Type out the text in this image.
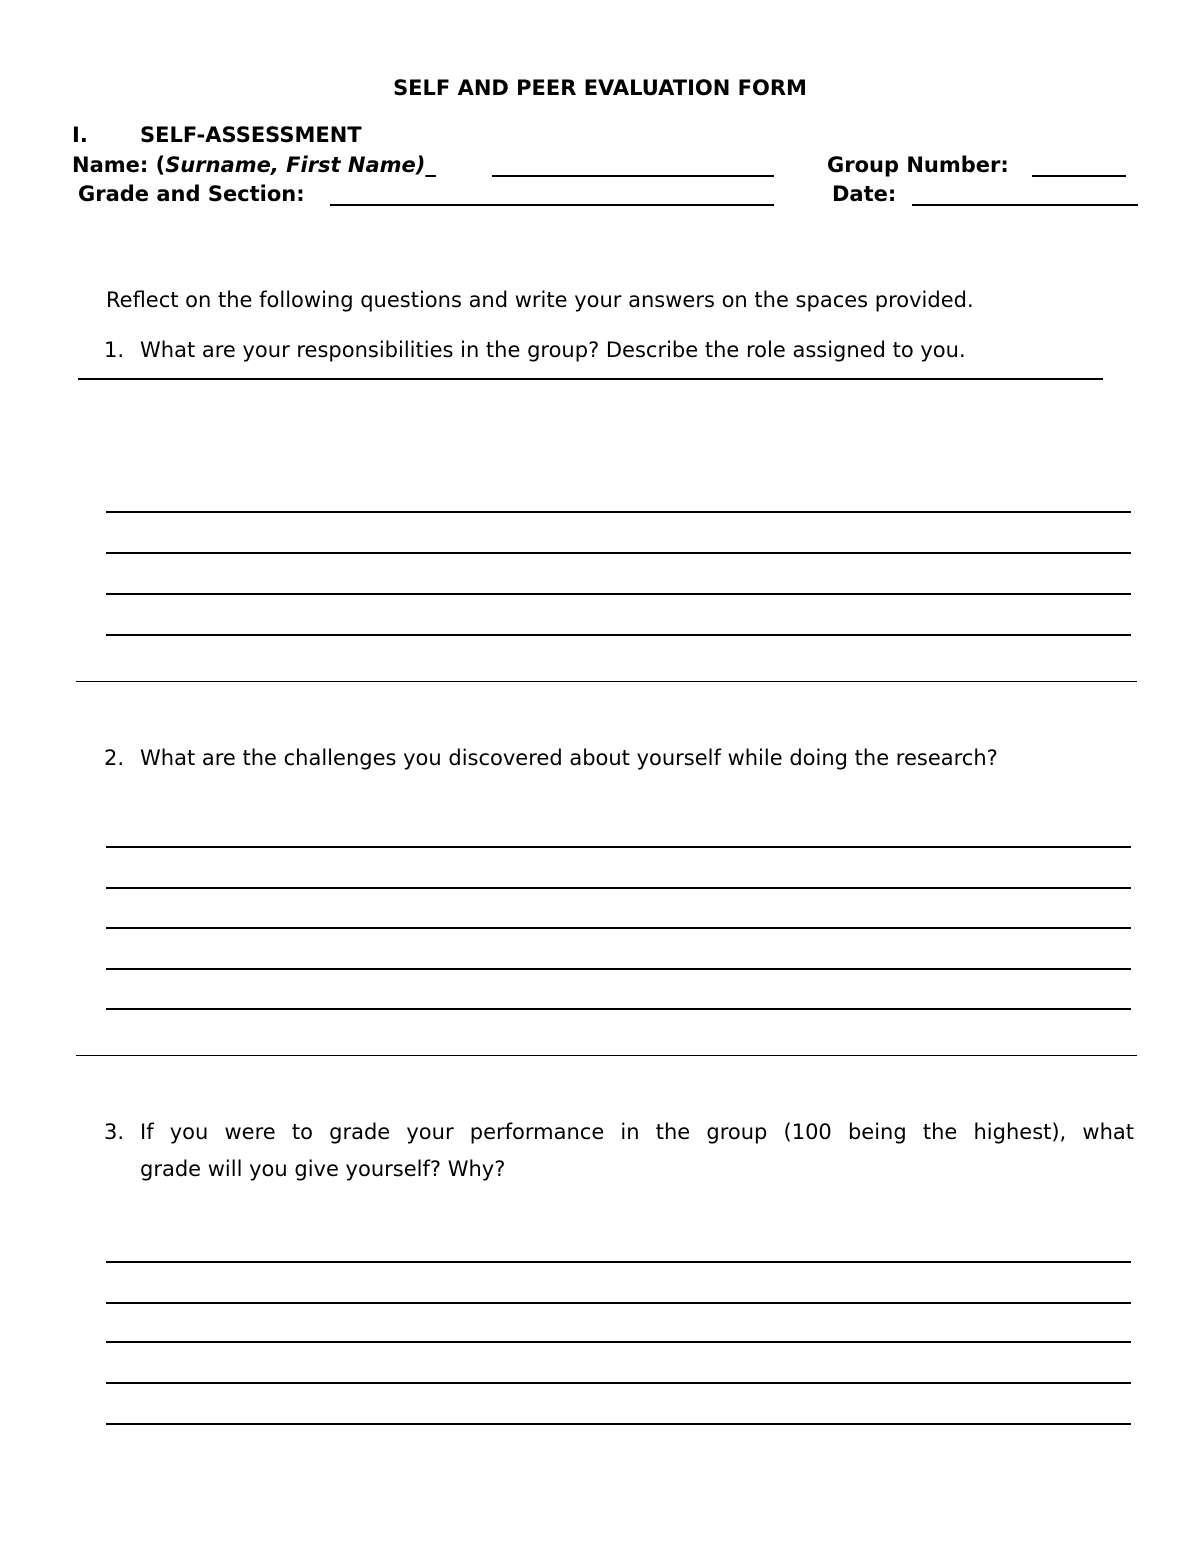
SELF AND PEER EVALUATION FORM
I. SELF-ASSESSMENT
Name: (Surname, First Name)_	Group Number:
Grade and Section:	Date:
Reflect on the following questions and write your answers on the spaces provided.
1. What are your responsibilities in the group? Describe the role assigned to you.
2. What are the challenges you discovered about yourself while doing the research?
3. If you were to grade your performance in the group (100 being the highest), what
grade will you give yourself? Why?
